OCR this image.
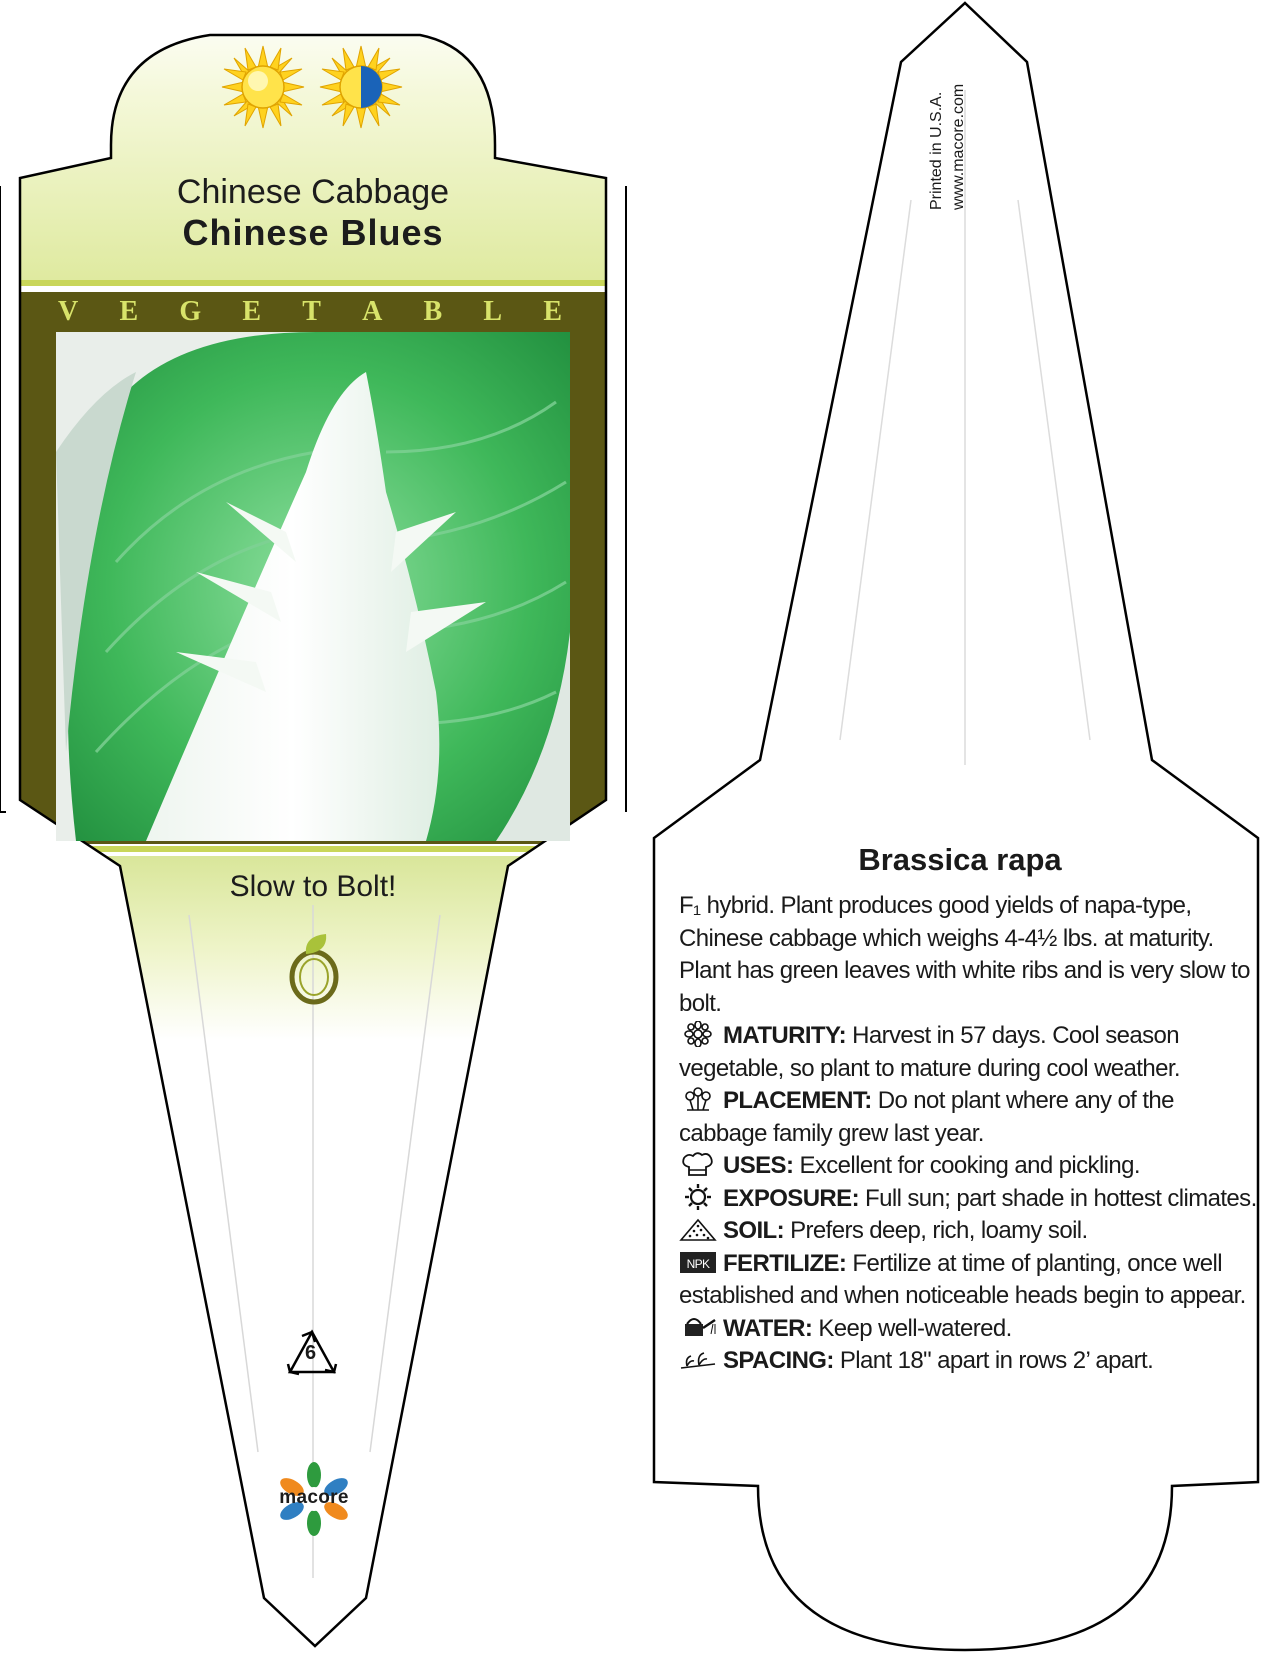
Chinese Cabbage
Chinese Blues
V E G E T A B L E
Slow to Bolt!
6
macore
Printed in U.S.A. www.macore.com
Brassica rapa

F₁ hybrid. Plant produces good yields of napa-type, Chinese cabbage which weighs 4-4½ lbs. at maturity. Plant has green leaves with white ribs and is very slow to bolt.

MATURITY: Harvest in 57 days. Cool season vegetable, so plant to mature during cool weather.

PLACEMENT: Do not plant where any of the cabbage family grew last year.

USES: Excellent for cooking and pickling.

EXPOSURE: Full sun; part shade in hottest climates.

SOIL: Prefers deep, rich, loamy soil.

NPK FERTILIZE: Fertilize at time of planting, once well established and when noticeable heads begin to appear.

WATER: Keep well-watered.

SPACING: Plant 18" apart in rows 2’ apart.
